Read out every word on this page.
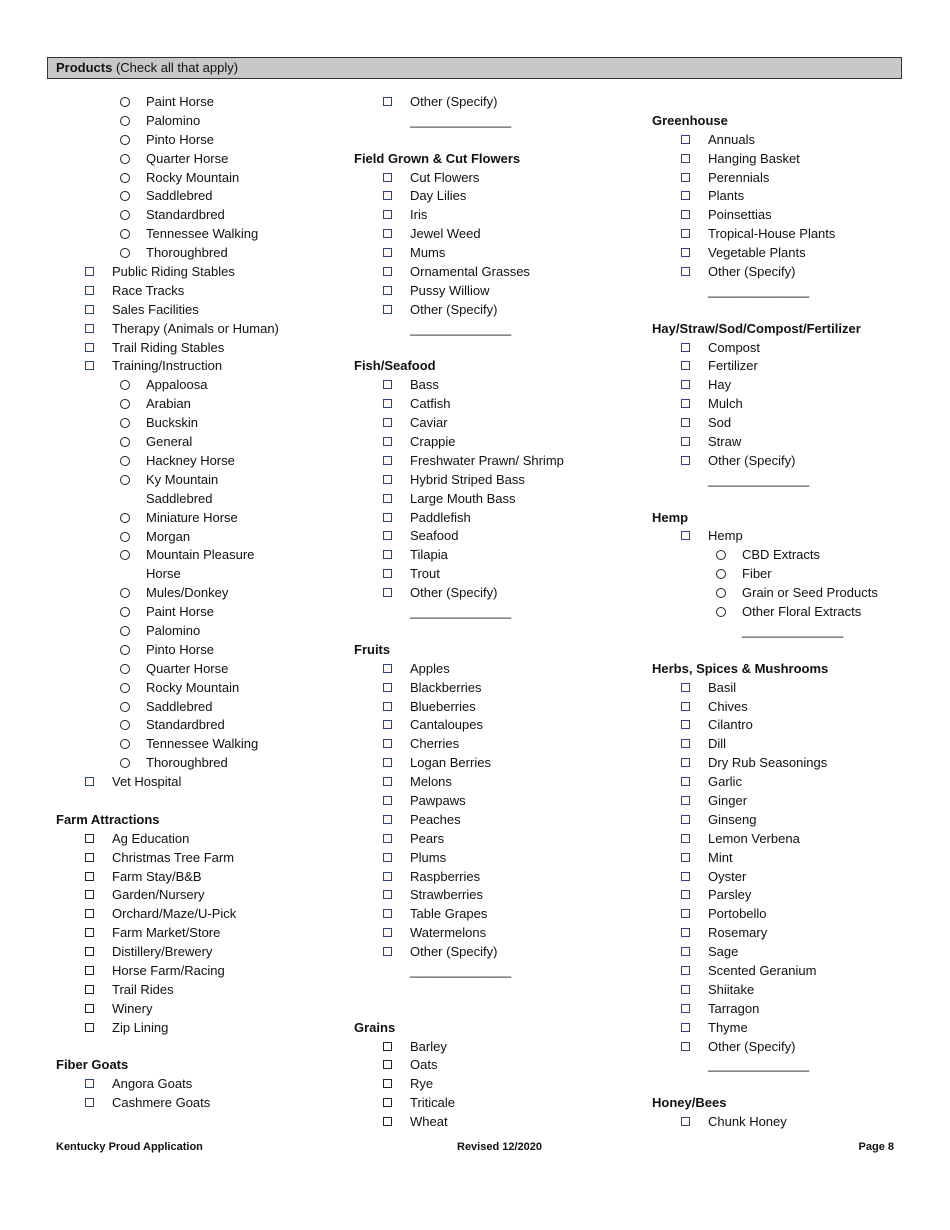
Products (Check all that apply)
Paint Horse
Palomino
Pinto Horse
Quarter Horse
Rocky Mountain
Saddlebred
Standardbred
Tennessee Walking
Thoroughbred
Public Riding Stables
Race Tracks
Sales Facilities
Therapy (Animals or Human)
Trail Riding Stables
Training/Instruction
Appaloosa
Arabian
Buckskin
General
Hackney Horse
Ky Mountain Saddlebred
Miniature Horse
Morgan
Mountain Pleasure Horse
Mules/Donkey
Paint Horse
Palomino
Pinto Horse
Quarter Horse
Rocky Mountain
Saddlebred
Standardbred
Tennessee Walking
Thoroughbred
Vet Hospital
Farm Attractions
Ag Education
Christmas Tree Farm
Farm Stay/B&B
Garden/Nursery
Orchard/Maze/U-Pick
Farm Market/Store
Distillery/Brewery
Horse Farm/Racing
Trail Rides
Winery
Zip Lining
Fiber Goats
Angora Goats
Cashmere Goats
Other (Specify)
______________
Field Grown & Cut Flowers
Cut Flowers
Day Lilies
Iris
Jewel Weed
Mums
Ornamental Grasses
Pussy Williow
Other (Specify)
______________
Fish/Seafood
Bass
Catfish
Caviar
Crappie
Freshwater Prawn/ Shrimp
Hybrid Striped Bass
Large Mouth Bass
Paddlefish
Seafood
Tilapia
Trout
Other (Specify)
______________
Fruits
Apples
Blackberries
Blueberries
Cantaloupes
Cherries
Logan Berries
Melons
Pawpaws
Peaches
Pears
Plums
Raspberries
Strawberries
Table Grapes
Watermelons
Other (Specify)
______________
Grains
Barley
Oats
Rye
Triticale
Wheat
Greenhouse
Annuals
Hanging Basket
Perennials
Plants
Poinsettias
Tropical-House Plants
Vegetable Plants
Other (Specify)
______________
Hay/Straw/Sod/Compost/Fertilizer
Compost
Fertilizer
Hay
Mulch
Sod
Straw
Other (Specify)
______________
Hemp
Hemp
CBD Extracts
Fiber
Grain or Seed Products
Other Floral Extracts
______________
Herbs, Spices & Mushrooms
Basil
Chives
Cilantro
Dill
Dry Rub Seasonings
Garlic
Ginger
Ginseng
Lemon Verbena
Mint
Oyster
Parsley
Portobello
Rosemary
Sage
Scented Geranium
Shiitake
Tarragon
Thyme
Other (Specify)
______________
Honey/Bees
Chunk Honey
Kentucky Proud Application	Revised 12/2020	Page 8
